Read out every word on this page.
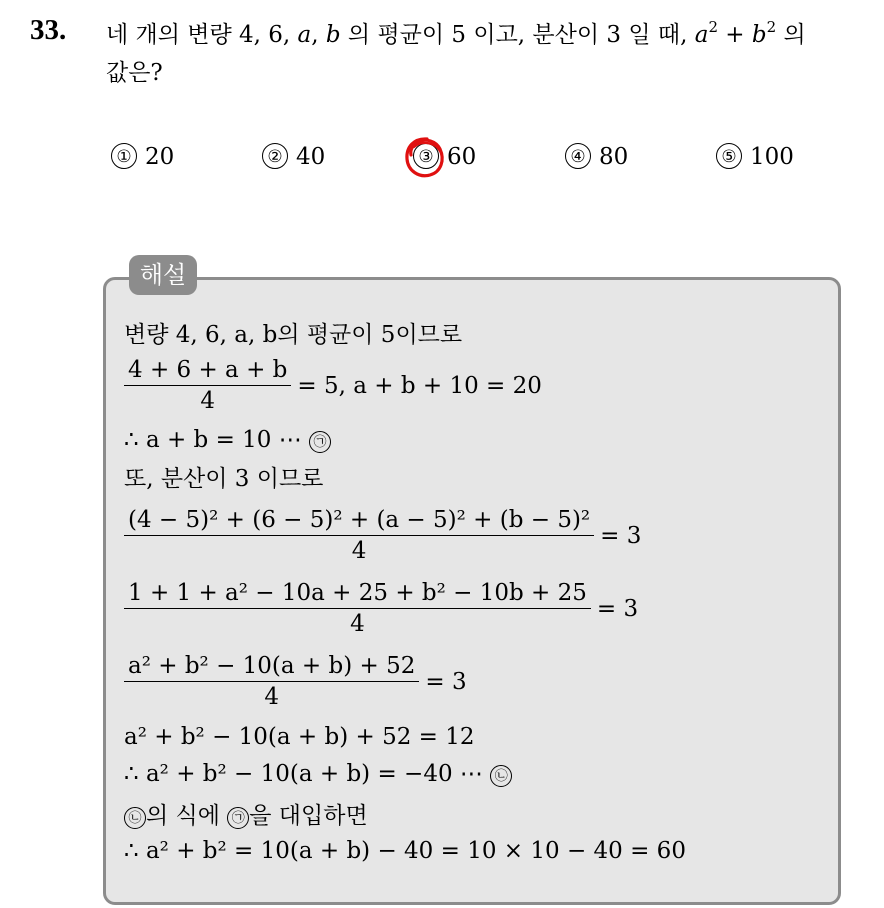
33. 네 개의 변량 4, 6, a, b 의 평균이 5 이고, 분산이 3 일 때, $a^2 + b^2$ 의
값은?
① 20	② 40	③ 60	④ 80	⑤ 100
해설
변량 4, 6, a, b의 평균이 5이므로
$\frac{4 + 6 + a + b}{4} = 5$, a + b + 10 = 20
∴ a + b = 10 ⋯ ㉠
또, 분산이 3 이므로
$\frac{\text{(4 − 5)² + (6 − 5)² + (a − 5)² + (b − 5)²}}{4} = 3$
$\frac{\text{1 + 1 + a² − 10a + 25 + b² − 10b + 25}}{4} = 3$
$\frac{\text{a² + b² − 10(a + b) + 52}}{4} = 3$
a² + b² − 10(a + b) + 52 = 12
∴ a² + b² − 10(a + b) = −40 ⋯ ㉡
㉡ 의 식에 ㉠ 을 대입하면
∴ a² + b² = 10(a + b) − 40 = 10 × 10 − 40 = 60
